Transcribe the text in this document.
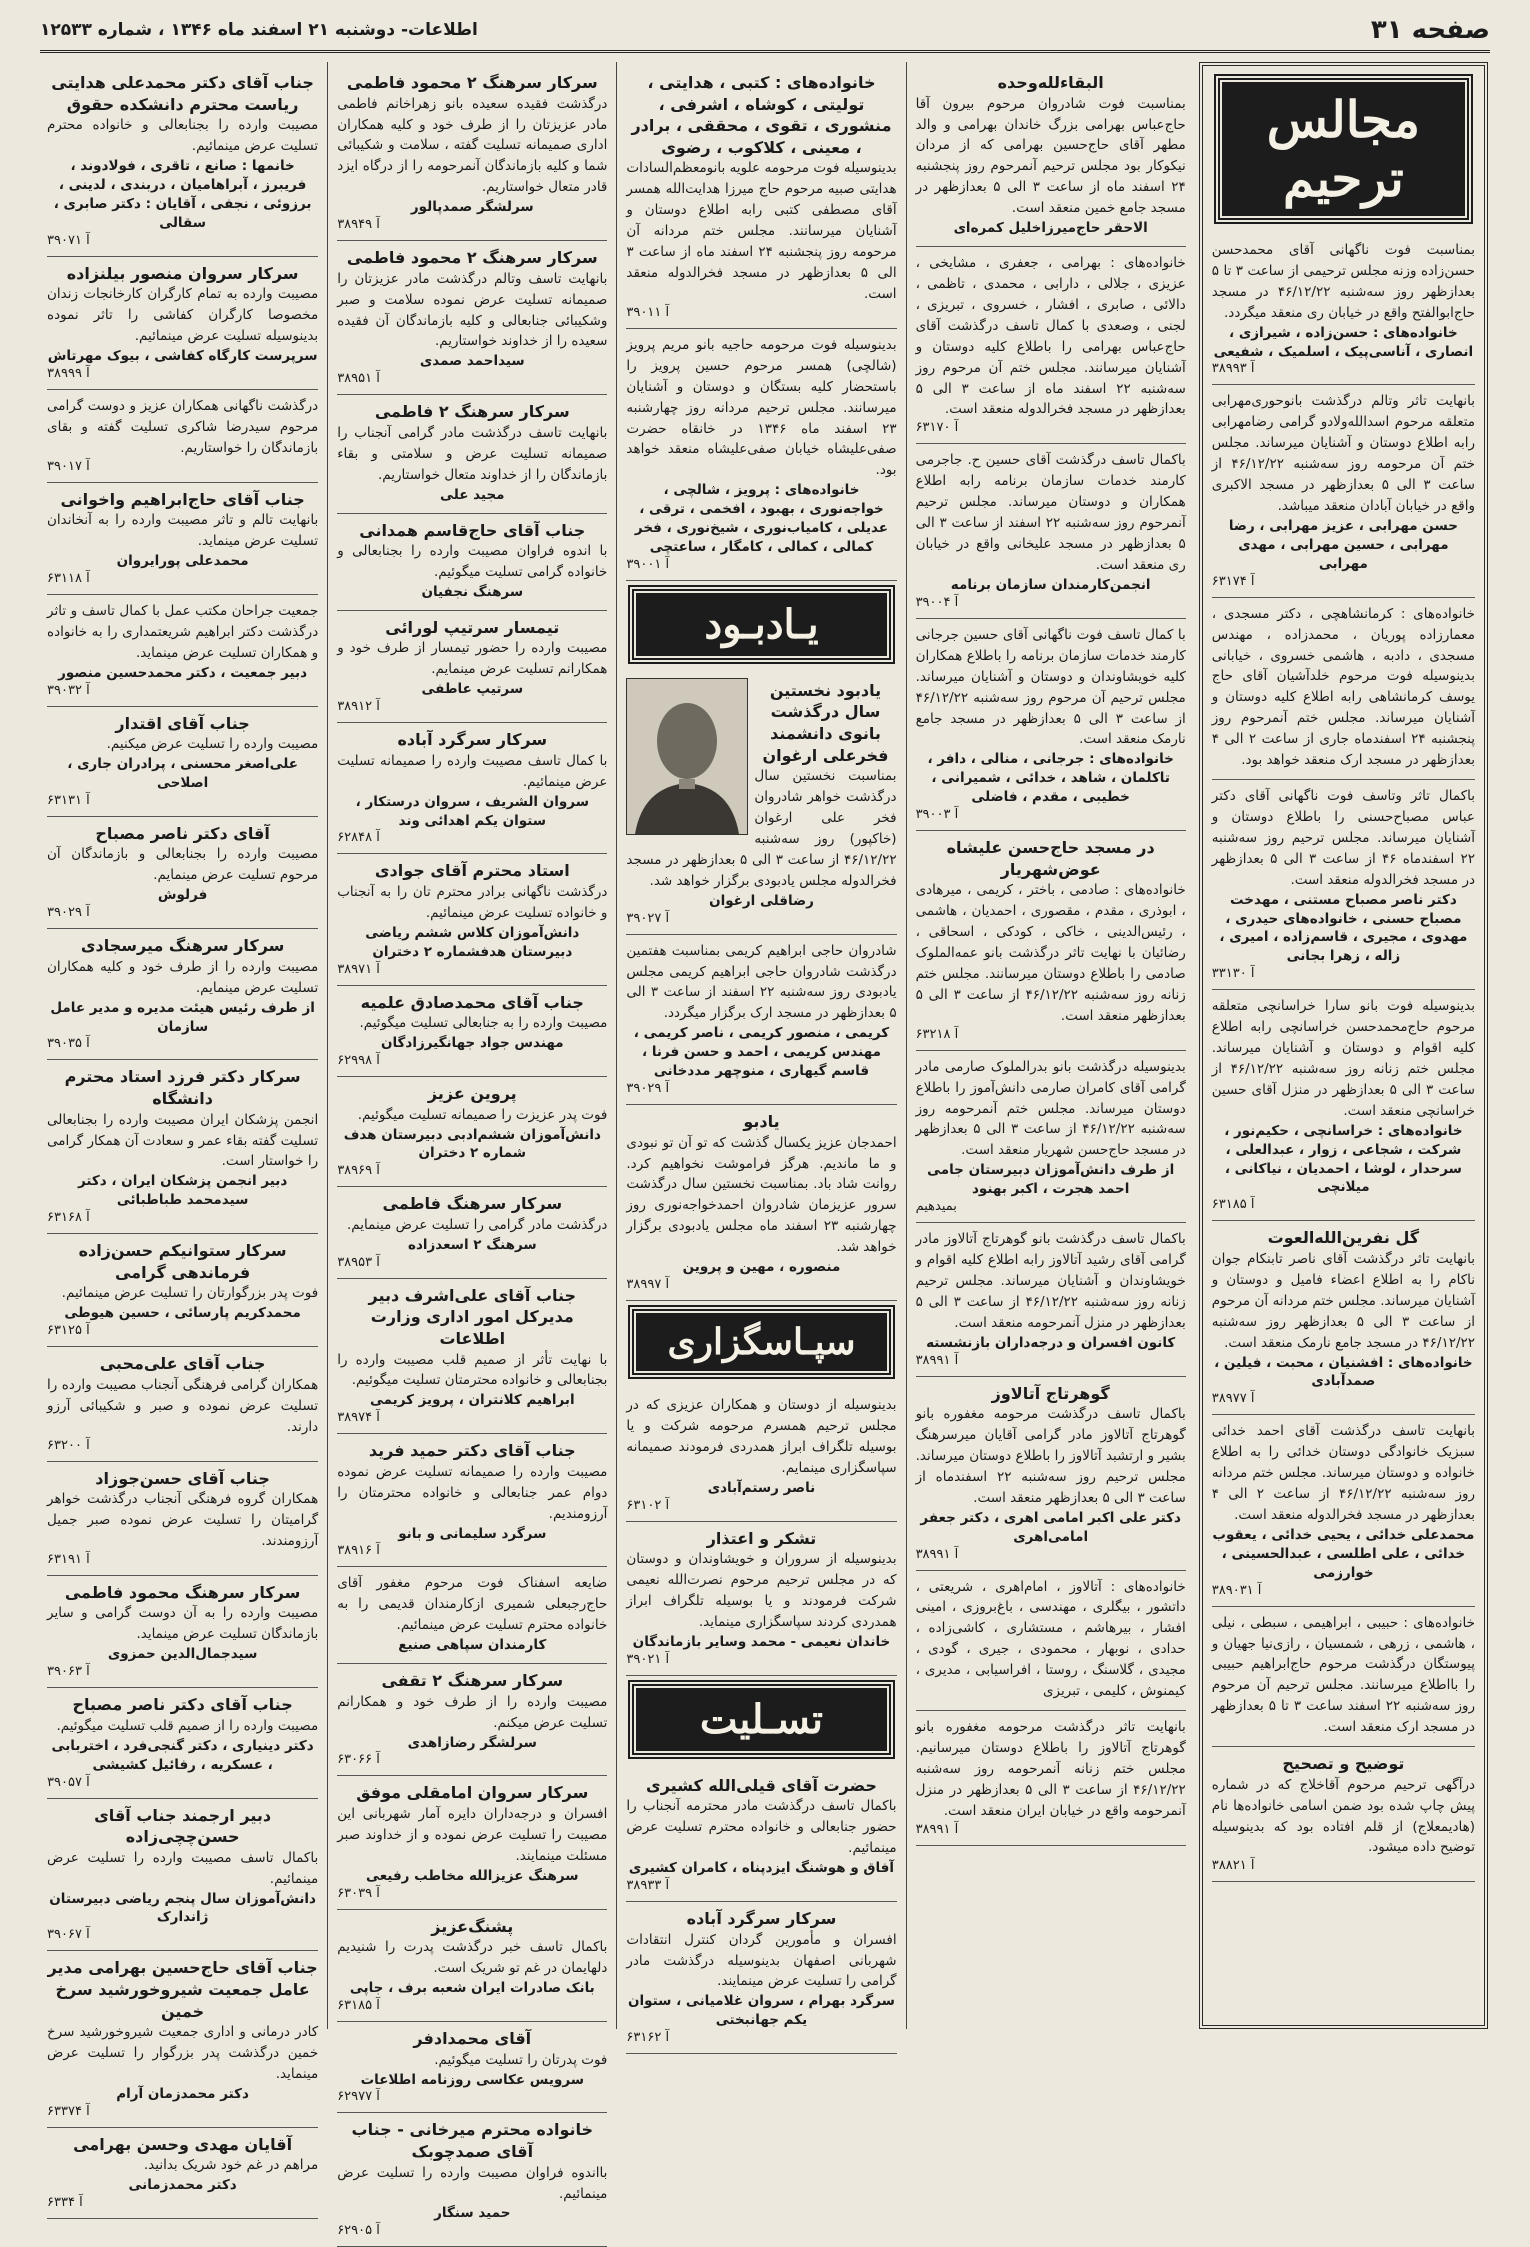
صفحه ۳۱
اطلاعات- دوشنبه ۲۱ اسفند ماه ۱۳۴۶ ، شماره ۱۲۵۳۳
مجالس ترحیم
بمناسبت فوت ناگهانی آقای محمدحسن حسن‌زاده وزنه مجلس ترحیمی از ساعت ۳ تا ۵ بعدازظهر روز سه‌شنبه ۴۶/۱۲/۲۲ در مسجد حاج‌ابوالفتح واقع در خیابان ری منعقد میگردد.
خانواده‌های : حسن‌زاده ، شیرازی ، انصاری ، آناسی‌پیک ، اسلمیک ، شفیعی
۳۸۹۹۳ آ
بانهایت تاثر وتالم درگذشت بانوحوری‌مهرابی متعلقه مرحوم اسدالله‌ولادو گرامی رضامهرابی رابه اطلاع دوستان و آشنایان میرساند. مجلس ختم آن مرحومه روز سه‌شنبه ۴۶/۱۲/۲۲ از ساعت ۳ الی ۵ بعدازظهر در مسجد الاکبری واقع در خیابان آبادان منعقد میباشد.
حسن مهرابی ، عزیز مهرابی ، رضا مهرابی ، حسین مهرابی ، مهدی مهرابی
۶۳۱۷۴ آ
خانواده‌های : کرمانشاهچی ، دکتر مسجدی ، معمارزاده پوریان ، محمدزاده ، مهندس مسجدی ، دادبه ، هاشمی خسروی ، خیابانی بدینوسیله فوت مرحوم خلدآشیان آقای حاج یوسف کرمانشاهی رابه اطلاع کلیه دوستان و آشنایان میرساند. مجلس ختم آنمرحوم روز پنجشنبه ۲۴ اسفندماه جاری از ساعت ۲ الی ۴ بعدازظهر در مسجد ارک منعقد خواهد بود.
باکمال تاثر وتاسف فوت ناگهانی آقای دکتر عباس مصباح‌حسنی را باطلاع دوستان و آشنایان میرساند. مجلس ترحیم روز سه‌شنبه ۲۲ اسفندماه ۴۶ از ساعت ۳ الی ۵ بعدازظهر در مسجد فخرالدوله منعقد است.
دکتر ناصر مصباح مستنی ، مهدخت مصباح حسنی ، خانواده‌های حیدری ، مهدوی ، مجیری ، قاسم‌زاده ، امیری ، زاله ، زهرا بجانی
۳۳۱۳۰ آ
بدینوسیله فوت بانو سارا خراسانچی متعلقه مرحوم حاج‌محمدحسن خراسانچی رابه اطلاع کلیه اقوام و دوستان و آشنایان میرساند. مجلس ختم زنانه روز سه‌شنبه ۴۶/۱۲/۲۲ از ساعت ۳ الی ۵ بعدازظهر در منزل آقای حسین خراسانچی منعقد است.
خانواده‌های : خراسانچی ، حکیم‌نور ، شرکت ، شجاعی ، زوار ، عبدالعلی ، سرحدار ، لوشا ، احمدیان ، نیاکانی ، میلانچی
۶۳۱۸۵ آ
گل نفرین‌الله‌العوت
بانهایت تاثر درگذشت آقای ناصر تابنکام جوان ناکام را به اطلاع اعضاء فامیل و دوستان و آشنایان میرساند. مجلس ختم مردانه آن مرحوم از ساعت ۳ الی ۵ بعدازظهر روز سه‌شنبه ۴۶/۱۲/۲۲ در مسجد جامع نارمک منعقد است.
خانواده‌های : افشنیان ، محبت ، فیلین ، صمدآبادی
۳۸۹۷۷ آ
بانهایت تاسف درگذشت آقای احمد خدائی سبزیک خانوادگی دوستان خدائی را به اطلاع خانواده و دوستان میرساند. مجلس ختم مردانه روز سه‌شنبه ۴۶/۱۲/۲۲ از ساعت ۲ الی ۴ بعدازظهر در مسجد فخرالدوله منعقد است.
محمدعلی خدائی ، یحیی خدائی ، یعقوب خدائی ، علی اطلسی ، عبدالحسینی ، خوارزمی
۳۸۹۰۳۱ آ
خانواده‌های : حبیبی ، ابراهیمی ، سبطی ، نیلی ، هاشمی ، زرهی ، شمسیان ، رازی‌نیا جهیان و پیوستگان درگذشت مرحوم حاج‌ابراهیم حبیبی را بااطلاع میرسانند. مجلس ترحیم آن مرحوم روز سه‌شنبه ۲۲ اسفند ساعت ۳ تا ۵ بعدازظهر در مسجد ارک منعقد است.
توضیح و تصحیح
درآگهی ترحیم مرحوم آقاخلاج که در شماره پیش چاپ شده بود ضمن اسامی خانواده‌ها نام (هادیمعلاج) از قلم افتاده بود که بدینوسیله توضیح داده میشود.
۳۸۸۲۱ آ
البقاء‌لله‌وحده
بمناسبت فوت شادروان مرحوم بیرون آقا حاج‌عباس بهرامی بزرگ خاندان بهرامی و والد مطهر آقای حاج‌حسین بهرامی که از مردان نیکوکار بود مجلس ترحیم آنمرحوم روز پنجشنبه ۲۴ اسفند ماه از ساعت ۳ الی ۵ بعدازظهر در مسجد جامع خمین منعقد است.
الاحقر حاج‌میرزاخلیل کمره‌ای
خانواده‌های : بهرامی ، جعفری ، مشایخی ، عزیزی ، جلالی ، دارابی ، محمدی ، تاظمی ، دالائی ، صابری ، افشار ، خسروی ، تبریزی ، لجنی ، وصعدی با کمال تاسف درگذشت آقای حاج‌عباس بهرامی را باطلاع کلیه دوستان و آشنایان میرسانند. مجلس ختم آن مرحوم روز سه‌شنبه ۲۲ اسفند ماه از ساعت ۳ الی ۵ بعدازظهر در مسجد فخرالدوله منعقد است.
۶۳۱۷۰ آ
باکمال تاسف درگذشت آقای حسین ح. جاجرمی کارمند خدمات سازمان برنامه رابه اطلاع همکاران و دوستان میرساند. مجلس ترحیم آنمرحوم روز سه‌شنبه ۲۲ اسفند از ساعت ۳ الی ۵ بعدازظهر در مسجد علیخانی واقع در خیابان ری منعقد است.
انجمن‌کارمندان سازمان برنامه
۳۹۰۰۴ آ
با کمال تاسف فوت ناگهانی آقای حسین جرجانی کارمند خدمات سازمان برنامه را باطلاع همکاران کلیه خویشاوندان و دوستان و آشنایان میرساند. مجلس ترحیم آن مرحوم روز سه‌شنبه ۴۶/۱۲/۲۲ از ساعت ۳ الی ۵ بعدازظهر در مسجد جامع نارمک منعقد است.
خانواده‌های : جرجانی ، منالی ، دافر ، تاکلمان ، شاهد ، خدائی ، شمیرانی ، خطیبی ، مقدم ، فاضلی
۳۹۰۰۳ آ
در مسجد حاج‌حسن علیشاه عوض‌شهریار
خانواده‌های : صادمی ، باختر ، کریمی ، میرهادی ، ابوذری ، مقدم ، مقصوری ، احمدیان ، هاشمی ، رئیس‌الدینی ، خاکی ، کودکی ، اسحاقی ، رضائیان با نهایت تاثر درگذشت بانو عمه‌الملوک صادمی را باطلاع دوستان میرسانند. مجلس ختم زنانه روز سه‌شنبه ۴۶/۱۲/۲۲ از ساعت ۳ الی ۵ بعدازظهر منعقد است.
۶۳۲۱۸ آ
بدینوسیله درگذشت بانو بدرالملوک صارمی مادر گرامی آقای کامران صارمی دانش‌آموز را باطلاع دوستان میرساند. مجلس ختم آنمرحومه روز سه‌شنبه ۴۶/۱۲/۲۲ از ساعت ۳ الی ۵ بعدازظهر در مسجد حاج‌حسن شهریار منعقد است.
از طرف دانش‌آموزان دبیرستان جامی احمد هجرت ، اکبر بهنود
بمیدهیم
باکمال تاسف درگذشت بانو گوهرتاج آتالاوز مادر گرامی آقای رشید آتالاوز رابه اطلاع کلیه اقوام و خویشاوندان و آشنایان میرساند. مجلس ترحیم زنانه روز سه‌شنبه ۴۶/۱۲/۲۲ از ساعت ۳ الی ۵ بعدازظهر در منزل آنمرحومه منعقد است.
کانون افسران و درجه‌داران بازنشسته
۳۸۹۹۱ آ
گوهرتاج آتالاوز
باکمال تاسف درگذشت مرحومه مغفوره بانو گوهرتاج آتالاوز مادر گرامی آقایان میرسرهنگ بشیر و ارتشبد آتالاوز را باطلاع دوستان میرساند. مجلس ترحیم روز سه‌شنبه ۲۲ اسفندماه از ساعت ۳ الی ۵ بعدازظهر منعقد است.
دکتر علی اکبر امامی اهری ، دکتر جعفر امامی‌اهری
۳۸۹۹۱ آ
خانواده‌های : آتالاوز ، امام‌اهری ، شریعتی ، داتشور ، بیگلری ، مهندسی ، باغ‌بروزی ، امینی افشار ، بیرهاشم ، مستشاری ، کاشی‌زاده ، حدادی ، نوبهار ، محمودی ، جیری ، گودی ، مجیدی ، گلاسنگ ، روستا ، افراسیابی ، مدیری ، کیمنوش ، کلیمی ، تبریزی
بانهایت تاثر درگذشت مرحومه مغفوره بانو گوهرتاج آتالاوز را باطلاع دوستان میرسانیم. مجلس ختم زنانه آنمرحومه روز سه‌شنبه ۴۶/۱۲/۲۲ از ساعت ۳ الی ۵ بعدازظهر در منزل آنمرحومه واقع در خیابان ایران منعقد است.
۳۸۹۹۱ آ
خانواده‌های : کتبی ، هدایتی ، تولیتی ، کوشاه ، اشرفی ، منشوری ، تقوی ، محققی ، برادر ، معینی ، کلاکوب ، رضوی
بدینوسیله فوت مرحومه علویه بانومعظم‌السادات هدایتی صبیه مرحوم حاج میرزا هدایت‌الله همسر آقای مصطفی کتبی رابه اطلاع دوستان و آشنایان میرسانند. مجلس ختم مردانه آن مرحومه روز پنجشنبه ۲۴ اسفند ماه از ساعت ۳ الی ۵ بعدازظهر در مسجد فخرالدوله منعقد است.
۳۹۰۱۱ آ
بدینوسیله فوت مرحومه حاجیه بانو مریم پرویز (شالچی) همسر مرحوم حسین پرویز را باستحضار کلیه بستگان و دوستان و آشنایان میرسانند. مجلس ترحیم مردانه روز چهارشنبه ۲۳ اسفند ماه ۱۳۴۶ در خانقاه حضرت صفی‌علیشاه خیابان صفی‌علیشاه منعقد خواهد بود.
خانواده‌های : پرویز ، شالچی ، خواجه‌نوری ، بهبود ، افخمی ، ترقی ، عدیلی ، کامیاب‌نوری ، شیخ‌نوری ، فخر کمالی ، کمالی ، کامگار ، ساعتچی
۳۹۰۰۱ آ
یـادبـود
یادبود نخستین سال درگذشت بانوی دانشمند فخرعلی ارغوان
بمناسبت نخستین سال درگذشت خواهر شادروان فخر علی ارغوان (خاکپور) روز سه‌شنبه ۴۶/۱۲/۲۲ از ساعت ۳ الی ۵ بعدازظهر در مسجد فخرالدوله مجلس یادبودی برگزار خواهد شد.
رضاقلی ارغوان
۳۹۰۲۷ آ
شادروان حاجی ابراهیم کریمی بمناسبت هفتمین درگذشت شادروان حاجی ابراهیم کریمی مجلس یادبودی روز سه‌شنبه ۲۲ اسفند از ساعت ۳ الی ۵ بعدازظهر در مسجد ارک برگزار میگردد.
کریمی ، منصور کریمی ، ناصر کریمی ، مهندس کریمی ، احمد و حسن فرنا ، قاسم گیهاری ، منوچهر مددخانی
۳۹۰۲۹ آ
یادبو
احمدجان عزیز یکسال گذشت که تو آن تو نبودی و ما ماندیم. هرگز فراموشت نخواهیم کرد. روانت شاد باد. بمناسبت نخستین سال درگذشت سرور عزیزمان شادروان احمدخواجه‌نوری روز چهارشنبه ۲۳ اسفند ماه مجلس یادبودی برگزار خواهد شد.
منصوره ، مهین و پروین
۳۸۹۹۷ آ
سپـاسگزاری
بدینوسیله از دوستان و همکاران عزیزی که در مجلس ترحیم همسرم مرحومه شرکت و یا بوسیله تلگراف ابراز همدردی فرمودند صمیمانه سپاسگزاری مینمایم.
ناصر رستم‌آبادی
۶۳۱۰۲ آ
تشکر و اعتذار
بدینوسیله از سروران و خویشاوندان و دوستان که در مجلس ترحیم مرحوم نصرت‌الله نعیمی شرکت فرمودند و یا بوسیله تلگراف ابراز همدردی کردند سپاسگزاری مینماید.
خاندان نعیمی - محمد وسایر بازماندگان
۳۹۰۲۱ آ
تسـلیت
حضرت آقای قیلی‌الله کشیری
باکمال تاسف درگذشت مادر محترمه آنجناب را حضور جنابعالی و خانواده محترم تسلیت عرض مینمائیم.
آفاق و هوشنگ ایزدپناه ، کامران کشیری
۳۸۹۳۳ آ
سرکار سرگرد آباده
افسران و مأمورین گردان کنترل انتقادات شهربانی اصفهان بدینوسیله درگذشت مادر گرامی را تسلیت عرض مینمایند.
سرگرد بهرام ، سروان غلامیانی ، ستوان یکم جهانبختی
۶۳۱۶۲ آ
سرکار سرهنگ ۲ محمود فاطمی
درگذشت فقیده سعیده بانو زهراخانم فاطمی مادر عزیزتان را از طرف خود و کلیه همکاران اداری صمیمانه تسلیت گفته ، سلامت و شکیبائی شما و کلیه بازماندگان آنمرحومه را از درگاه ایزد قادر متعال خواستاریم.
سرلشگر صمدپالور
۳۸۹۴۹ آ
سرکار سرهنگ ۲ محمود فاطمی
بانهایت تاسف وتالم درگذشت مادر عزیزتان را صمیمانه تسلیت عرض نموده سلامت و صبر وشکیبائی جنابعالی و کلیه بازماندگان آن فقیده سعیده را از خداوند خواستاریم.
سیداحمد صمدی
۳۸۹۵۱ آ
سرکار سرهنگ ۲ فاطمی
بانهایت تاسف درگذشت مادر گرامی آنجناب را صمیمانه تسلیت عرض و سلامتی و بقاء بازماندگان را از خداوند متعال خواستاریم.
مجید علی
جناب آقای حاج‌قاسم همدانی
با اندوه فراوان مصیبت وارده را بجنابعالی و خانواده گرامی تسلیت میگوئیم.
سرهنگ نجفیان
تیمسار سرتیپ لورائی
مصیبت وارده را حضور تیمسار از طرف خود و همکارانم تسلیت عرض مینمایم.
سرتیپ عاطفی
۳۸۹۱۲ آ
سرکار سرگرد آباده
با کمال تاسف مصیبت وارده را صمیمانه تسلیت عرض مینمائیم.
سروان الشریف ، سروان درستکار ، ستوان یکم اهدائی وند
۶۲۸۴۸ آ
استاد محترم آقای جوادی
درگذشت ناگهانی برادر محترم تان را به آنجناب و خانواده تسلیت عرض مینمائیم.
دانش‌آموزان کلاس ششم ریاضی دبیرستان هدفشماره ۲ دختران
۳۸۹۷۱ آ
جناب آقای محمدصادق علمیه
مصیبت وارده را به جنابعالی تسلیت میگوئیم.
مهندس جواد جهانگیرزادگان
۶۲۹۹۸ آ
پروین عزیز
فوت پدر عزیزت را صمیمانه تسلیت میگوئیم.
دانش‌آموزان ششم‌ادبی دبیرستان هدف شماره ۲ دختران
۳۸۹۶۹ آ
سرکار سرهنگ فاطمی
درگذشت مادر گرامی را تسلیت عرض مینمایم.
سرهنگ ۲ اسعدزاده
۳۸۹۵۳ آ
جناب آقای علی‌اشرف دبیر مدیرکل امور اداری وزارت اطلاعات
با نهایت تأثر از صمیم قلب مصیبت وارده را بجنابعالی و خانواده محترمتان تسلیت میگوئیم.
ابراهیم کلانتران ، پرویز کریمی
۳۸۹۷۴ آ
جناب آقای دکتر حمید فرید
مصیبت وارده را صمیمانه تسلیت عرض نموده دوام عمر جنابعالی و خانواده محترمتان را آرزومندیم.
سرگرد سلیمانی و بانو
۳۸۹۱۶ آ
ضایعه اسفناک فوت مرحوم مغفور آقای حاج‌رجبعلی شمیری ازکارمندان قدیمی را به خانواده محترم تسلیت عرض مینمائیم.
کارمندان سپاهی صنیع
سرکار سرهنگ ۲ تقفی
مصیبت وارده را از طرف خود و همکارانم تسلیت عرض میکنم.
سرلشگر رضا‌زاهدی
۶۳۰۶۶ آ
سرکار سروان امامقلی موفق
افسران و درجه‌داران دایره آمار شهربانی این مصیبت را تسلیت عرض نموده و از خداوند صبر مسئلت مینمایند.
سرهنگ عزیزالله مخاطب رفیعی
۶۳۰۳۹ آ
پشنگ‌عزیز
باکمال تاسف خبر درگذشت پدرت را شنیدیم دلهایمان در غم تو شریک است.
بانک صادرات ایران شعبه برف ، جاپی
۶۳۱۸۵ آ
آقای محمدادفر
فوت پدرتان را تسلیت میگوئیم.
سرویس عکاسی روزنامه اطلاعات
۶۲۹۷۷ آ
خانواده محترم میرخانی - جناب آقای صمدچوبک
بااندوه فراوان مصیبت وارده را تسلیت عرض مینمائیم.
حمید سنگار
۶۲۹۰۵ آ
جناب آقای دکتر محمدعلی هدایتی ریاست محترم دانشکده حقوق
مصیبت وارده را بجنابعالی و خانواده محترم تسلیت عرض مینمائیم.
خانمها : صانع ، تاقری ، فولادوند ، فریبرز ، آبراهامیان ، دربندی ، لدینی ، برزوئی ، نجفی ، آقایان : دکتر صابری ، سقالی
۳۹۰۷۱ آ
سرکار سروان منصور بیلنزاده
مصیبت وارده به تمام کارگران کارخانجات زندان مخصوصا کارگران کفاشی را تاثر نموده بدینوسیله تسلیت عرض مینمائیم.
سرپرست کارگاه کفاشی ، بیوک مهرتاش
۳۸۹۹۹ آ
درگذشت ناگهانی همکاران عزیز و دوست گرامی مرحوم سیدرضا شاکری تسلیت گفته و بقای بازماندگان را خواستاریم.
۳۹۰۱۷ آ
جناب آقای حاج‌ابراهیم واخوانی
بانهایت تالم و تاثر مصیبت وارده را به آنخاندان تسلیت عرض مینماید.
محمدعلی پورایروان
۶۳۱۱۸ آ
جمعیت جراحان مکتب عمل با کمال تاسف و تاثر درگذشت دکتر ابراهیم شریعتمداری را به خانواده و همکاران تسلیت عرض مینماید.
دبیر جمعیت ، دکتر محمدحسین منصور
۳۹۰۳۲ آ
جناب آقای اقتدار
مصیبت وارده را تسلیت عرض میکنیم.
علی‌اصغر محسنی ، پرادران جاری ، اصلاحی
۶۳۱۳۱ آ
آقای دکتر ناصر مصباح
مصیبت وارده را بجنابعالی و بازماندگان آن مرحوم تسلیت عرض مینمایم.
فرلوش
۳۹۰۲۹ آ
سرکار سرهنگ میرسجادی
مصیبت وارده را از طرف خود و کلیه همکاران تسلیت عرض مینمایم.
از طرف رئیس هیئت مدیره و مدیر عامل سازمان
۳۹۰۳۵ آ
سرکار دکتر فرزد استاد محترم دانشگاه
انجمن پزشکان ایران مصیبت وارده را بجنابعالی تسلیت گفته بقاء عمر و سعادت آن همکار گرامی را خواستار است.
دبیر انجمن پزشکان ایران ، دکتر سیدمحمد طباطبائی
۶۳۱۶۸ آ
سرکار ستوانیکم حسن‌زاده فرماندهی گرامی
فوت پدر بزرگوارتان را تسلیت عرض مینمائیم.
محمدکریم پارسائی ، حسین هیوطی
۶۳۱۲۵ آ
جناب آقای علی‌محبی
همکاران گرامی فرهنگی آنجناب مصیبت وارده را تسلیت عرض نموده و صبر و شکیبائی آرزو دارند.
۶۳۲۰۰ آ
جناب آقای حسن‌جوزاد
همکاران گروه فرهنگی آنجناب درگذشت خواهر گرامیتان را تسلیت عرض نموده صبر جمیل آرزومندند.
۶۳۱۹۱ آ
سرکار سرهنگ محمود فاطمی
مصیبت وارده را به آن دوست گرامی و سایر بازماندگان تسلیت عرض مینماید.
سیدجمال‌الدین حمزوی
۳۹۰۶۳ آ
جناب آقای دکتر ناصر مصباح
مصیبت وارده را از صمیم قلب تسلیت میگوئیم.
دکتر دینیاری ، دکتر گنجی‌فرد ، اختربابی ، عسکریه ، رفائیل کشیشی
۳۹۰۵۷ آ
دبیر ارجمند جناب آقای حسن‌چچی‌زاده
باکمال تاسف مصیبت وارده را تسلیت عرض مینمائیم.
دانش‌آموزان سال پنجم ریاضی دبیرستان ژاندارک
۳۹۰۶۷ آ
جناب آقای حاج‌حسین بهرامی مدیر عامل جمعیت شیروخورشید سرخ خمین
کادر درمانی و اداری جمعیت شیروخورشید سرخ خمین درگذشت پدر بزرگوار را تسلیت عرض مینماید.
دکتر محمدزمان آرام
۶۳۳۷۴ آ
آقایان مهدی وحسن بهرامی
مراهم در غم خود شریک بدانید.
دکتر محمدزمانی
۶۳۳۴ آ
